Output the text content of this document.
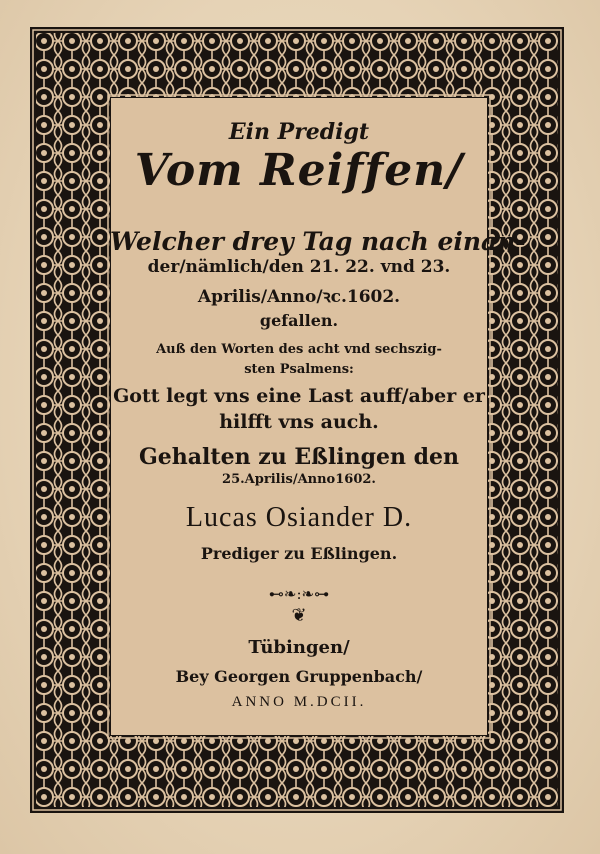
Ein Predigt
Vom Reiffen/
Welcher drey Tag nach einan-
der/nämlich/den 21. 22. vnd 23.
Aprilis/Anno/ꝛc.1602.
gefallen.
Auß den Worten des acht vnd sechszig-
sten Psalmens:
Gott legt vns eine Last auff/aber er
hilfft vns auch.
Gehalten zu Eßlingen den
25.Aprilis/Anno1602.
Lucas Osiander D.
Prediger zu Eßlingen.
⊷❧:❧⊶
❦
Tübingen/
Bey Georgen Gruppenbach/
ANNO M.DCII.
